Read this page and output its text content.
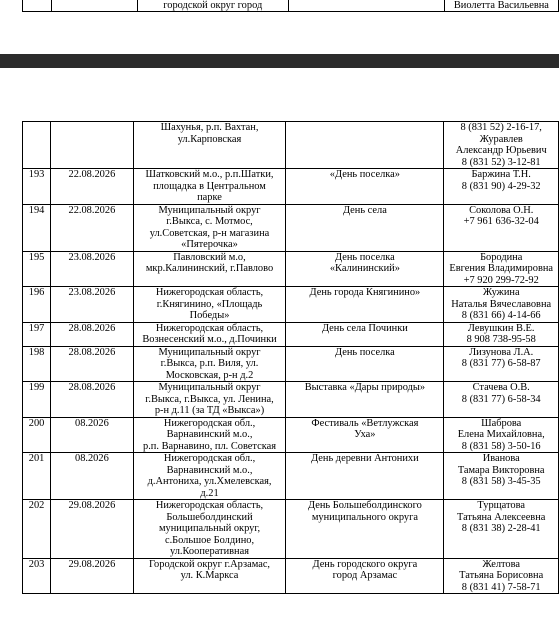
городской округ город		Виолетта Васильевна

		Шахунья, р.п. Вахтан,
ул.Карповская		8 (831 52) 2-16-17,
Журавлев
Александр Юрьевич
8 (831 52) 3-12-81

193	22.08.2026	Шатковский м.о., р.п.Шатки,
площадка в Центральном
парке	«День поселка»	Баржина Т.Н.
8 (831 90) 4-29-32

194	22.08.2026	Муниципальный округ
г.Выкса, с. Мотмос,
ул.Советская, р-н магазина
«Пятерочка»	День села	Соколова О.Н.
+7 961 636-32-04

195	23.08.2026	Павловский м.о,
мкр.Калининский, г.Павлово	День поселка
«Калининский»	Бородина
Евгения Владимировна
+7 920 299-72-92

196	23.08.2026	Нижегородская область,
г.Княгинино, «Площадь
Победы»	День города Княгинино»	Жужина
Наталья Вячеславовна
8 (831 66) 4-14-66

197	28.08.2026	Нижегородская область,
Вознесенский м.о., д.Починки	День села Починки	Левушкин В.Е.
8 908 738-95-58

198	28.08.2026	Муниципальный округ
г.Выкса, р.п. Виля, ул.
Московская, р-н д.2	День поселка	Лизунова Л.А.
8 (831 77) 6-58-87

199	28.08.2026	Муниципальный округ
г.Выкса, г.Выкса, ул. Ленина,
р-н д.11 (за ТД «Выкса»)	Выставка «Дары природы»	Стачева О.В.
8 (831 77) 6-58-34

200	08.2026	Нижегородская обл.,
Варнавинский м.о.,
р.п. Варнавино, пл. Советская	Фестиваль «Ветлужская
Уха»	Шаброва
Елена Михайловна,
8 (831 58) 3-50-16

201	08.2026	Нижегородская обл.,
Варнавинский м.о.,
д.Антониха, ул.Хмелевская,
д.21	День деревни Антонихи	Иванова
Тамара Викторовна
8 (831 58) 3-45-35

202	29.08.2026	Нижегородская область,
Большеболдинский
муниципальный округ,
с.Большое Болдино,
ул.Кооперативная	День Большеболдинского
муниципального округа	Турщатова
Татьяна Алексеевна
8 (831 38) 2-28-41

203	29.08.2026	Городской округ г.Арзамас,
ул. К.Маркса	День городского округа
город Арзамас	Желтова
Татьяна Борисовна
8 (831 41) 7-58-71
